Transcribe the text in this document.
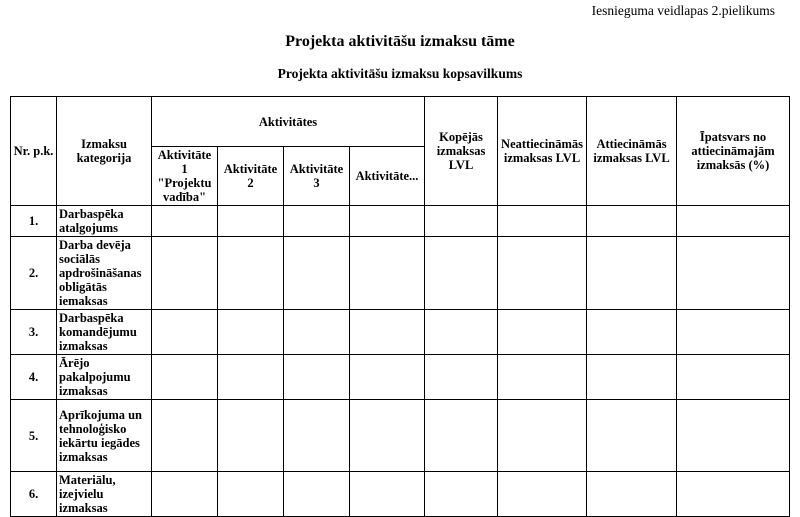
Iesnieguma veidlapas 2.pielikums
Projekta aktivitāšu izmaksu tāme
Projekta aktivitāšu izmaksu kopsavilkums
Nr. p.k.	Izmaksu kategorija	Aktivitātes				Kopējās izmaksas LVL	Neattiecināmās izmaksas LVL	Attiecināmās izmaksas LVL	Īpatsvars no attiecināmajām izmaksās (%)
		Aktivitāte 1 "Projektu vadība"	Aktivitāte 2	Aktivitāte 3	Aktivitāte...				
1.	Darbaspēka atalgojums								
2.	Darba devēja sociālās apdrošināšanas obligātās iemaksas								
3.	Darbaspēka komandējumu izmaksas								
4.	Ārējo pakalpojumu izmaksas								
5.	Aprīkojuma un tehnoloģisko iekārtu iegādes izmaksas								
6.	Materiālu, izejvielu izmaksas								
